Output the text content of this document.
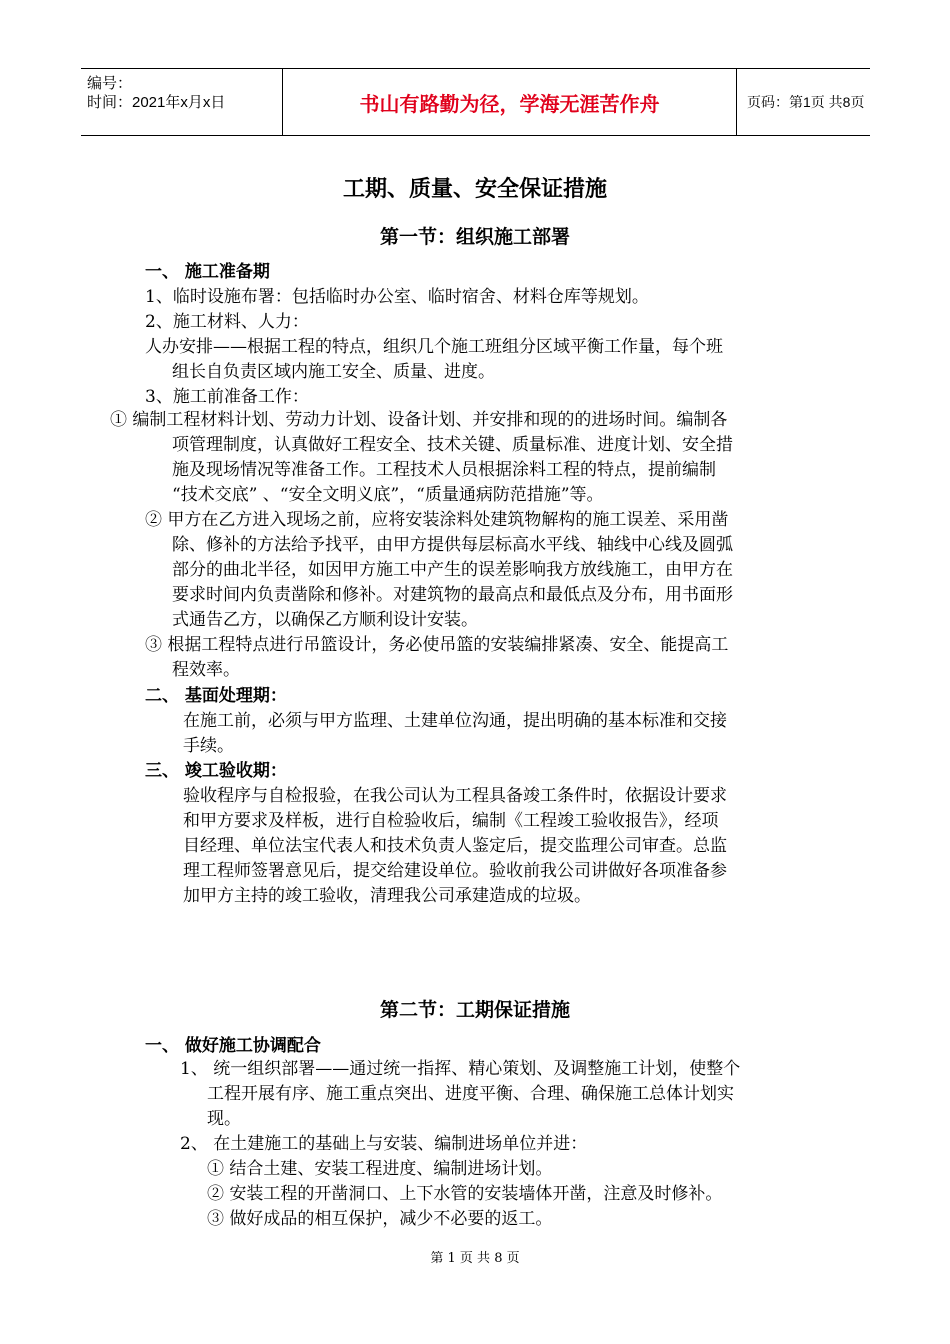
编号：
时间：2021年x月x日	书山有路勤为径，学海无涯苦作舟	页码：第1页 共8页
工期、质量、安全保证措施
第一节：组织施工部署
一、 施工准备期
1、临时设施布署：包括临时办公室、临时宿舍、材料仓库等规划。
2、施工材料、人力：
人办安排——根据工程的特点，组织几个施工班组分区域平衡工作量，每个班
组长自负责区域内施工安全、质量、进度。
3、施工前准备工作：
① 编制工程材料计划、劳动力计划、设备计划、并安排和现的的进场时间。编制各
项管理制度，认真做好工程安全、技术关键、质量标准、进度计划、安全措
施及现场情况等准备工作。工程技术人员根据涂料工程的特点，提前编制
“技术交底” 、“安全文明义底”，“质量通病防范措施”等。
② 甲方在乙方进入现场之前，应将安装涂料处建筑物解构的施工误差、采用凿
除、修补的方法给予找平，由甲方提供每层标高水平线、轴线中心线及圆弧
部分的曲北半径，如因甲方施工中产生的误差影响我方放线施工，由甲方在
要求时间内负责凿除和修补。对建筑物的最高点和最低点及分布，用书面形
式通告乙方，以确保乙方顺利设计安装。
③ 根据工程特点进行吊篮设计，务必使吊篮的安装编排紧凑、安全、能提高工
程效率。
二、 基面处理期：
在施工前，必须与甲方监理、土建单位沟通，提出明确的基本标准和交接
手续。
三、 竣工验收期：
验收程序与自检报验，在我公司认为工程具备竣工条件时，依据设计要求
和甲方要求及样板，进行自检验收后，编制《工程竣工验收报告》，经项
目经理、单位法宝代表人和技术负责人鉴定后，提交监理公司审查。总监
理工程师签署意见后，提交给建设单位。验收前我公司讲做好各项准备参
加甲方主持的竣工验收，清理我公司承建造成的垃圾。
第二节：工期保证措施
一、 做好施工协调配合
1、 统一组织部署——通过统一指挥、精心策划、及调整施工计划，使整个
工程开展有序、施工重点突出、进度平衡、合理、确保施工总体计划实
现。
2、 在土建施工的基础上与安装、编制进场单位并进：
① 结合土建、安装工程进度、编制进场计划。
② 安装工程的开凿洞口、上下水管的安装墙体开凿，注意及时修补。
③ 做好成品的相互保护，减少不必要的返工。
第 1 页 共 8 页
